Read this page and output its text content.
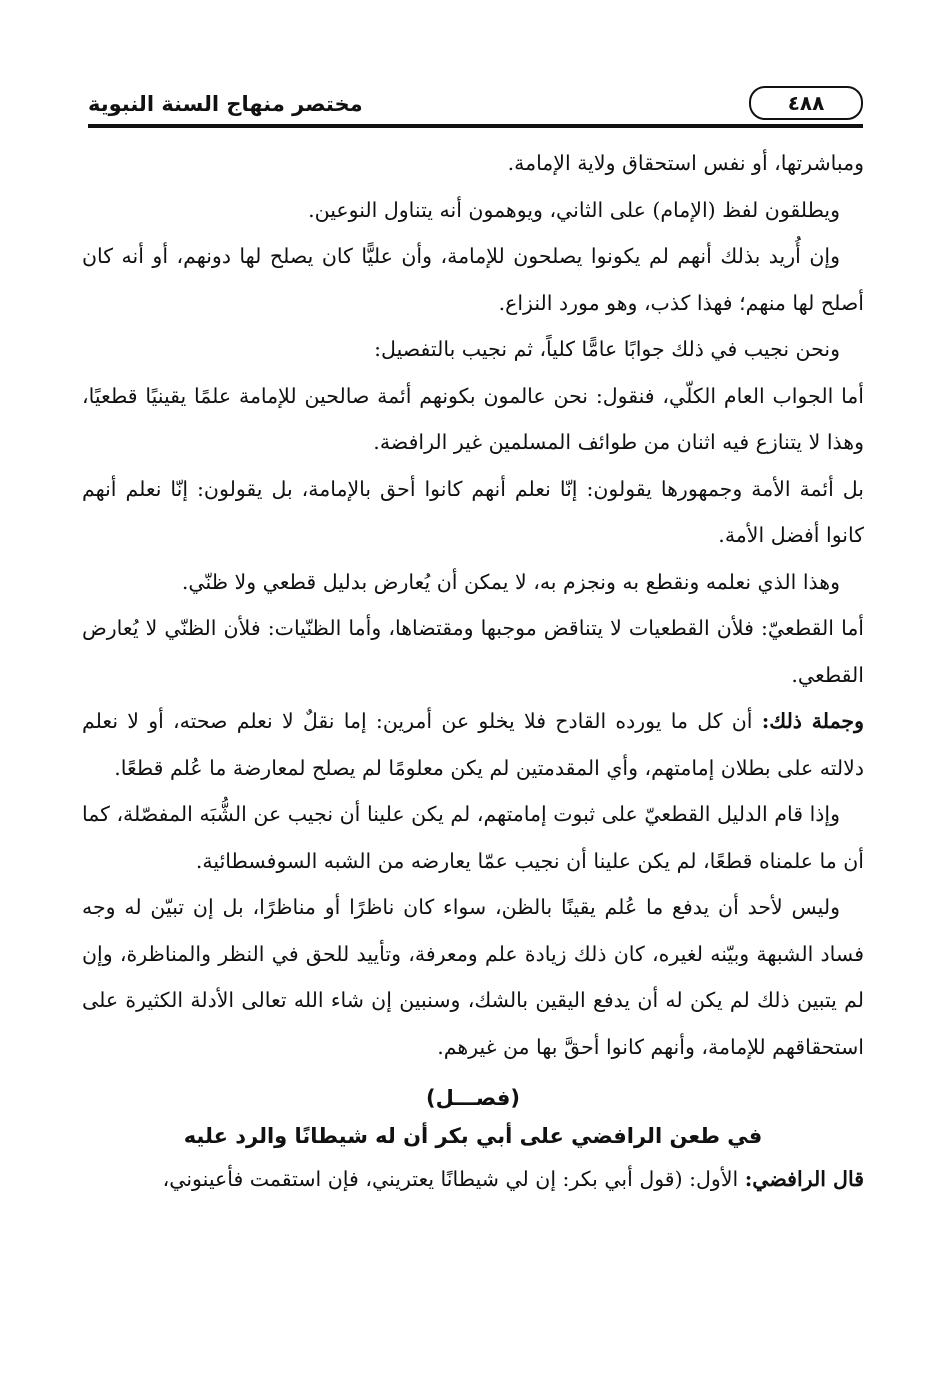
مختصر منهاج السنة النبوية	٤٨٨

ومباشرتها، أو نفس استحقاق ولاية الإمامة.

ويطلقون لفظ (الإمام) على الثاني، ويوهمون أنه يتناول النوعين.

وإن أُريد بذلك أنهم لم يكونوا يصلحون للإمامة، وأن عليًّا كان يصلح لها دونهم، أو أنه كان أصلح لها منهم؛ فهذا كذب، وهو مورد النزاع.

ونحن نجيب في ذلك جوابًا عامًّا كلياً، ثم نجيب بالتفصيل:

أما الجواب العام الكلّي، فنقول: نحن عالمون بكونهم أئمة صالحين للإمامة علمًا يقينيًا قطعيًا، وهذا لا يتنازع فيه اثنان من طوائف المسلمين غير الرافضة.

بل أئمة الأمة وجمهورها يقولون: إنّا نعلم أنهم كانوا أحق بالإمامة، بل يقولون: إنّا نعلم أنهم كانوا أفضل الأمة.

وهذا الذي نعلمه ونقطع به ونجزم به، لا يمكن أن يُعارض بدليل قطعي ولا ظنّي.

أما القطعيّ: فلأن القطعيات لا يتناقض موجبها ومقتضاها، وأما الظنّيات: فلأن الظنّي لا يُعارض القطعي.

وجملة ذلك: أن كل ما يورده القادح فلا يخلو عن أمرين: إما نقلٌ لا نعلم صحته، أو لا نعلم دلالته على بطلان إمامتهم، وأي المقدمتين لم يكن معلومًا لم يصلح لمعارضة ما عُلم قطعًا.

وإذا قام الدليل القطعيّ على ثبوت إمامتهم، لم يكن علينا أن نجيب عن الشُّبَه المفصّلة، كما أن ما علمناه قطعًا، لم يكن علينا أن نجيب عمّا يعارضه من الشبه السوفسطائية.

وليس لأحد أن يدفع ما عُلم يقينًا بالظن، سواء كان ناظرًا أو مناظرًا، بل إن تبيّن له وجه فساد الشبهة وبيّنه لغيره، كان ذلك زيادة علم ومعرفة، وتأييد للحق في النظر والمناظرة، وإن لم يتبين ذلك لم يكن له أن يدفع اليقين بالشك، وسنبين إن شاء الله تعالى الأدلة الكثيرة على استحقاقهم للإمامة، وأنهم كانوا أحقَّ بها من غيرهم.

(فصـــل)
في طعن الرافضي على أبي بكر أن له شيطانًا والرد عليه

قال الرافضي: الأول: (قول أبي بكر: إن لي شيطانًا يعتريني، فإن استقمت فأعينوني،
